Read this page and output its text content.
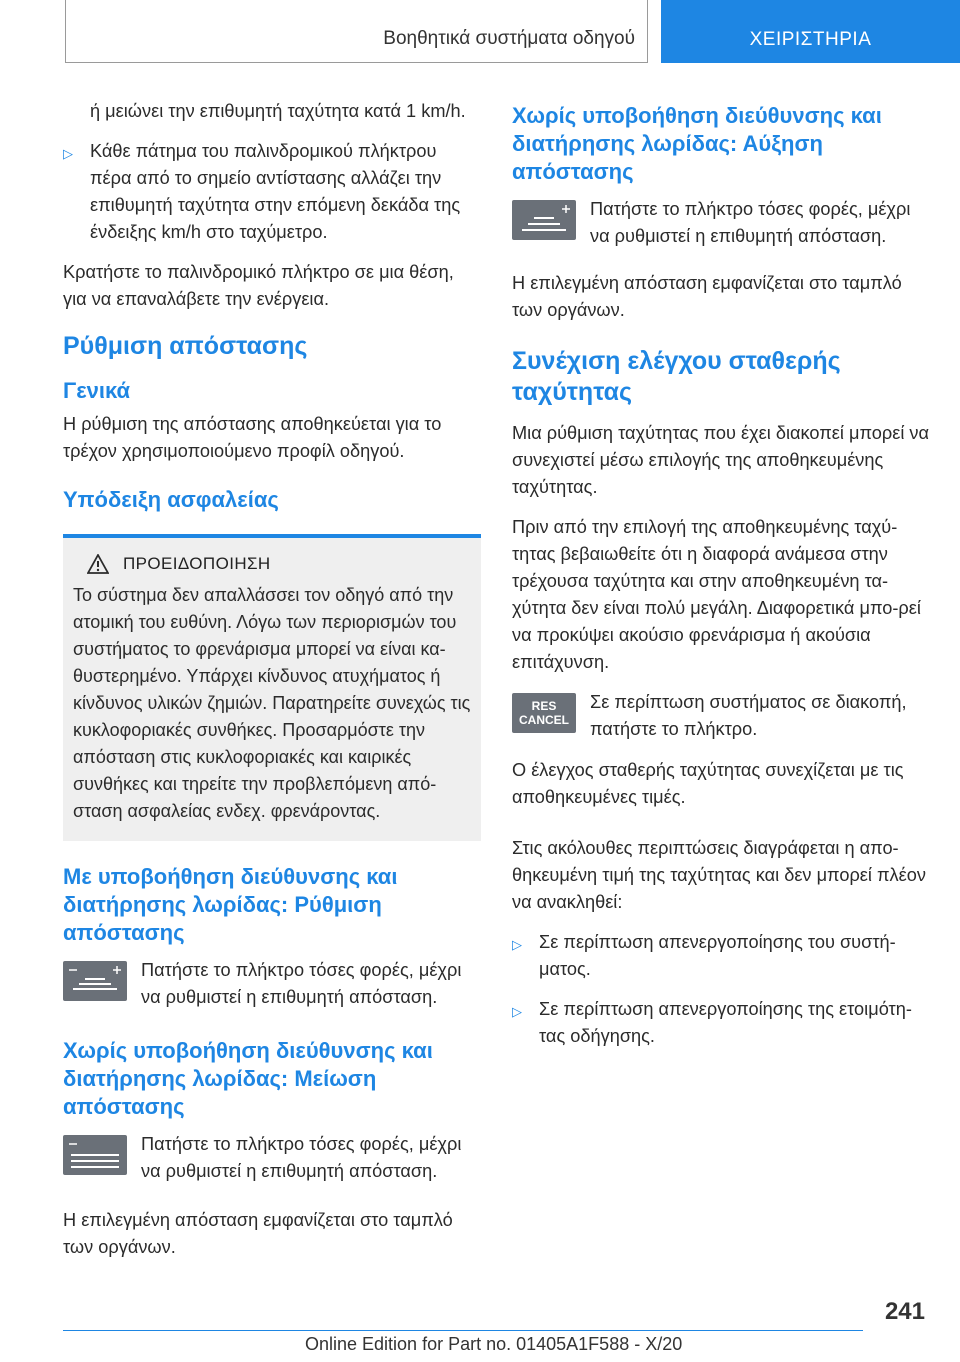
Βοηθητικά συστήματα οδηγού	ΧΕΙΡΙΣΤΗΡΙΑ

ή μειώνει την επιθυμητή ταχύτητα κατά 1 km/h.

▷ Κάθε πάτημα του παλινδρομικού πλήκτρου πέρα από το σημείο αντίστασης αλλάζει την επιθυμητή ταχύτητα στην επόμενη δεκάδα της ένδειξης km/h στο ταχύμετρο.

Κρατήστε το παλινδρομικό πλήκτρο σε μια θέση, για να επαναλάβετε την ενέργεια.

Ρύθμιση απόστασης
Γενικά

Η ρύθμιση της απόστασης αποθηκεύεται για το τρέχον χρησιμοποιούμενο προφίλ οδηγού.

Υπόδειξη ασφαλείας
ΠΡΟΕΙΔΟΠΟΙΗΣΗ

Το σύστημα δεν απαλλάσσει τον οδηγό από την ατομική του ευθύνη. Λόγω των περιορισμών του συστήματος το φρενάρισμα μπορεί να είναι κα‐θυστερημένο. Υπάρχει κίνδυνος ατυχήματος ή κίνδυνος υλικών ζημιών. Παρατηρείτε συνεχώς τις κυκλοφοριακές συνθήκες. Προσαρμόστε την απόσταση στις κυκλοφοριακές και καιρικές συνθήκες και τηρείτε την προβλεπόμενη από‐σταση ασφαλείας ενδεχ. φρενάροντας.

Με υποβοήθηση διεύθυνσης και διατήρησης λωρίδας: Ρύθμιση απόστασης

Πατήστε το πλήκτρο τόσες φορές, μέχρι να ρυθμιστεί η επιθυμητή απόσταση.

Χωρίς υποβοήθηση διεύθυνσης και διατήρησης λωρίδας: Μείωση απόστασης

Πατήστε το πλήκτρο τόσες φορές, μέχρι να ρυθμιστεί η επιθυμητή απόσταση.

Η επιλεγμένη απόσταση εμφανίζεται στο ταμπλό των οργάνων.

Χωρίς υποβοήθηση διεύθυνσης και διατήρησης λωρίδας: Αύξηση απόστασης

Πατήστε το πλήκτρο τόσες φορές, μέχρι να ρυθμιστεί η επιθυμητή απόσταση.

Η επιλεγμένη απόσταση εμφανίζεται στο ταμπλό των οργάνων.

Συνέχιση ελέγχου σταθερής ταχύτητας

Μια ρύθμιση ταχύτητας που έχει διακοπεί μπορεί να συνεχιστεί μέσω επιλογής της αποθηκευμένης ταχύτητας.

Πριν από την επιλογή της αποθηκευμένης ταχύ‐τητας βεβαιωθείτε ότι η διαφορά ανάμεσα στην τρέχουσα ταχύτητα και στην αποθηκευμένη τα‐χύτητα δεν είναι πολύ μεγάλη. Διαφορετικά μπο‐ρεί να προκύψει ακούσιο φρενάρισμα ή ακούσια επιτάχυνση.

RES
CANCEL

Σε περίπτωση συστήματος σε διακοπή, πατήστε το πλήκτρο.

Ο έλεγχος σταθερής ταχύτητας συνεχίζεται με τις αποθηκευμένες τιμές.

Στις ακόλουθες περιπτώσεις διαγράφεται η απο‐θηκευμένη τιμή της ταχύτητας και δεν μπορεί πλέον να ανακληθεί:

▷ Σε περίπτωση απενεργοποίησης του συστή‐ματος.

▷ Σε περίπτωση απενεργοποίησης της ετοιμότη‐τας οδήγησης.

241
Online Edition for Part no. 01405A1F588 - X/20
